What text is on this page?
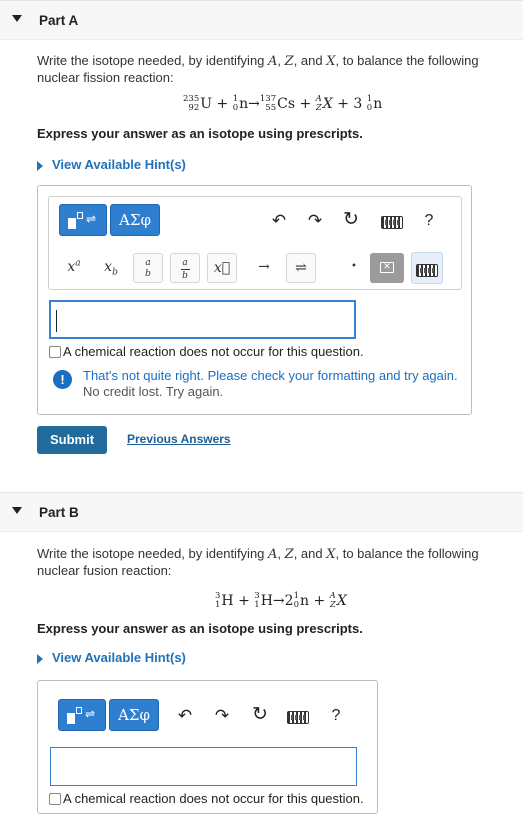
Part A
Write the isotope needed, by identifying A, Z, and X, to balance the following nuclear fission reaction:
235
92 U + 1
0 n→ 137
55 Cs + A
Z X + 3 1
0 n
Express your answer as an isotope using prescripts.
View Available Hint(s)
⇌	ΑΣφ	↶ ↷ ↻	?
$x^a$	$x_b$
a
b	$\frac{a}{b}$	x⃗	→	⇌	•	✕
A chemical reaction does not occur for this question.
!	That's not quite right. Please check your formatting and try again.
No credit lost. Try again.
Submit	Previous Answers
Part B
Write the isotope needed, by identifying A, Z, and X, to balance the following nuclear fusion reaction:
3
1 H + 3
1 H→2 1
0 n + A
Z X
Express your answer as an isotope using prescripts.
View Available Hint(s)
⇌	ΑΣφ	↶ ↷ ↻	?
A chemical reaction does not occur for this question.
